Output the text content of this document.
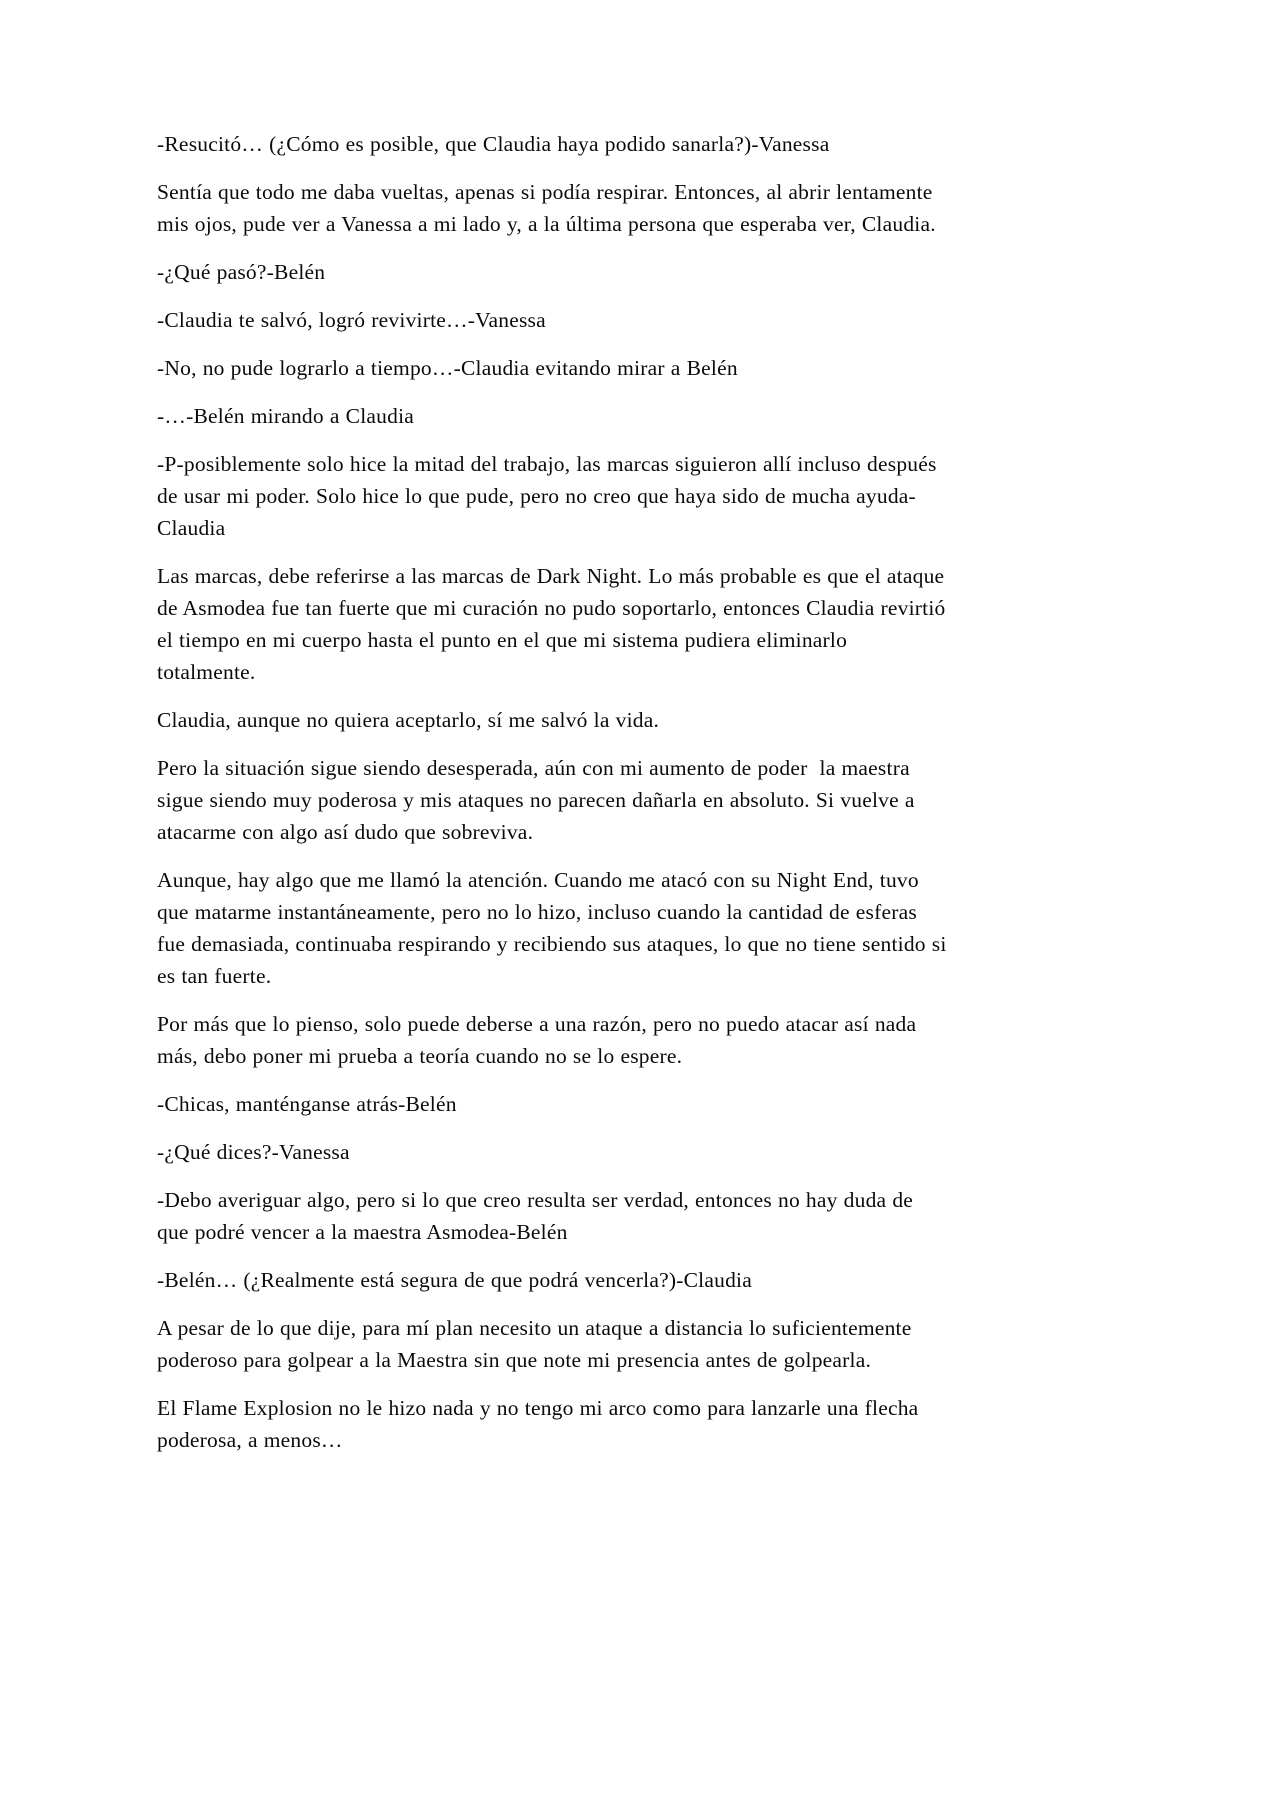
-Resucitó… (¿Cómo es posible, que Claudia haya podido sanarla?)-Vanessa

Sentía que todo me daba vueltas, apenas si podía respirar. Entonces, al abrir lentamente mis ojos, pude ver a Vanessa a mi lado y, a la última persona que esperaba ver, Claudia.

-¿Qué pasó?-Belén

-Claudia te salvó, logró revivirte…-Vanessa

-No, no pude lograrlo a tiempo…-Claudia evitando mirar a Belén

-…-Belén mirando a Claudia

-P-posiblemente solo hice la mitad del trabajo, las marcas siguieron allí incluso después de usar mi poder. Solo hice lo que pude, pero no creo que haya sido de mucha ayuda-Claudia

Las marcas, debe referirse a las marcas de Dark Night. Lo más probable es que el ataque de Asmodea fue tan fuerte que mi curación no pudo soportarlo, entonces Claudia revirtió el tiempo en mi cuerpo hasta el punto en el que mi sistema pudiera eliminarlo totalmente.

Claudia, aunque no quiera aceptarlo, sí me salvó la vida.

Pero la situación sigue siendo desesperada, aún con mi aumento de poder  la maestra sigue siendo muy poderosa y mis ataques no parecen dañarla en absoluto. Si vuelve a atacarme con algo así dudo que sobreviva.

Aunque, hay algo que me llamó la atención. Cuando me atacó con su Night End, tuvo que matarme instantáneamente, pero no lo hizo, incluso cuando la cantidad de esferas fue demasiada, continuaba respirando y recibiendo sus ataques, lo que no tiene sentido si es tan fuerte.

Por más que lo pienso, solo puede deberse a una razón, pero no puedo atacar así nada más, debo poner mi prueba a teoría cuando no se lo espere.

-Chicas, manténganse atrás-Belén

-¿Qué dices?-Vanessa

-Debo averiguar algo, pero si lo que creo resulta ser verdad, entonces no hay duda de que podré vencer a la maestra Asmodea-Belén

-Belén… (¿Realmente está segura de que podrá vencerla?)-Claudia

A pesar de lo que dije, para mí plan necesito un ataque a distancia lo suficientemente poderoso para golpear a la Maestra sin que note mi presencia antes de golpearla.

El Flame Explosion no le hizo nada y no tengo mi arco como para lanzarle una flecha poderosa, a menos…
